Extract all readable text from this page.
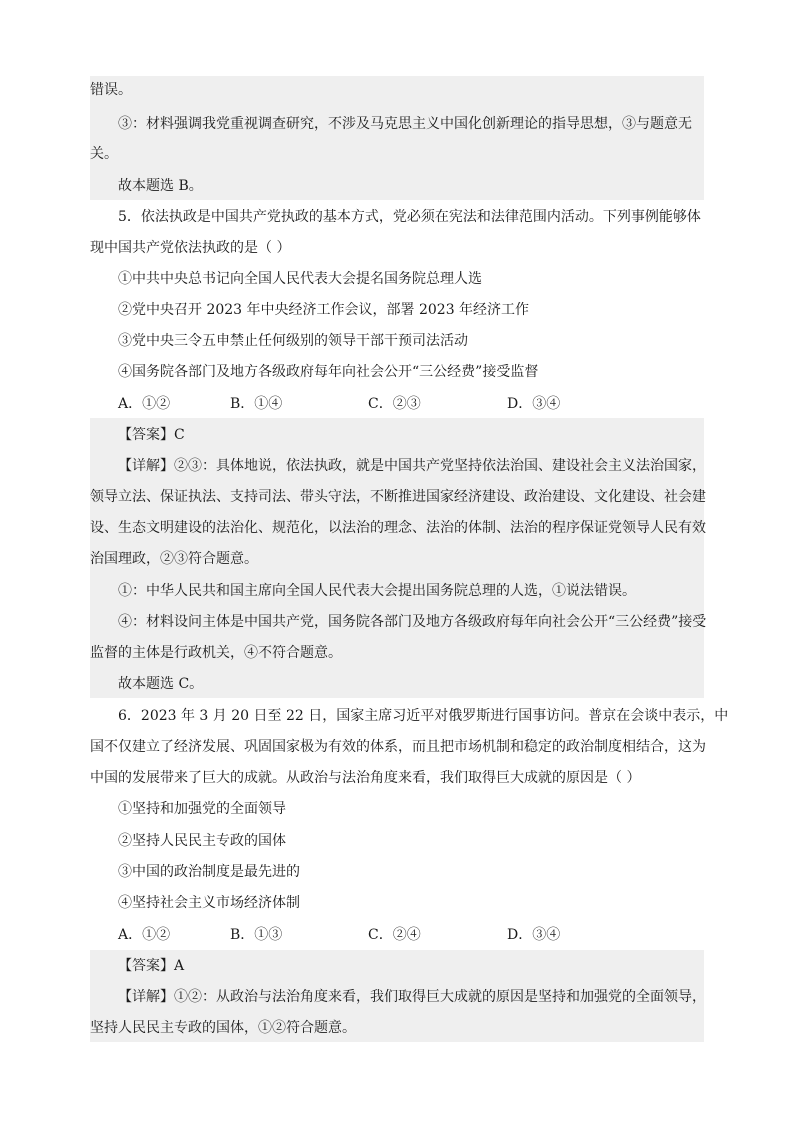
错误。
③：材料强调我党重视调查研究，不涉及马克思主义中国化创新理论的指导思想，③与题意无
关。
故本题选 B。
5．依法执政是中国共产党执政的基本方式，党必须在宪法和法律范围内活动。下列事例能够体
现中国共产党依法执政的是（ ）
①中共中央总书记向全国人民代表大会提名国务院总理人选
②党中央召开 2023 年中央经济工作会议，部署 2023 年经济工作
③党中央三令五申禁止任何级别的领导干部干预司法活动
④国务院各部门及地方各级政府每年向社会公开“三公经费”接受监督
A．①②	B．①④	C．②③	D．③④
【答案】C
【详解】②③：具体地说，依法执政，就是中国共产党坚持依法治国、建设社会主义法治国家，
领导立法、保证执法、支持司法、带头守法，不断推进国家经济建设、政治建设、文化建设、社会建
设、生态文明建设的法治化、规范化，以法治的理念、法治的体制、法治的程序保证党领导人民有效
治国理政，②③符合题意。
①：中华人民共和国主席向全国人民代表大会提出国务院总理的人选，①说法错误。
④：材料设问主体是中国共产党，国务院各部门及地方各级政府每年向社会公开“三公经费”接受
监督的主体是行政机关，④不符合题意。
故本题选 C。
6．2023 年 3 月 20 日至 22 日，国家主席习近平对俄罗斯进行国事访问。普京在会谈中表示，中
国不仅建立了经济发展、巩固国家极为有效的体系，而且把市场机制和稳定的政治制度相结合，这为
中国的发展带来了巨大的成就。从政治与法治角度来看，我们取得巨大成就的原因是（ ）
①坚持和加强党的全面领导
②坚持人民民主专政的国体
③中国的政治制度是最先进的
④坚持社会主义市场经济体制
A．①②	B．①③	C．②④	D．③④
【答案】A
【详解】①②：从政治与法治角度来看，我们取得巨大成就的原因是坚持和加强党的全面领导，
坚持人民民主专政的国体，①②符合题意。
